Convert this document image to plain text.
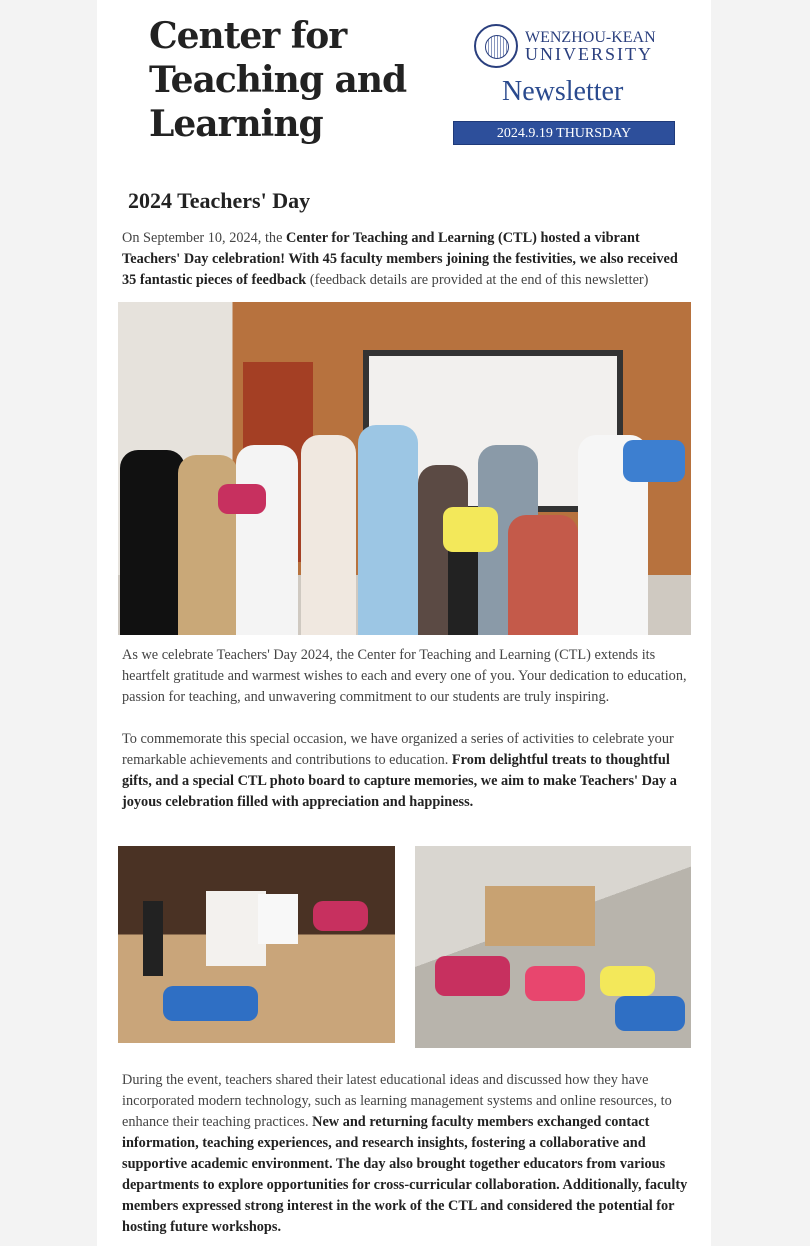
Center for
Teaching and
Learning
WENZHOU-KEAN
UNIVERSITY
Newsletter
2024.9.19 THURSDAY
2024 Teachers' Day

On September 10, 2024, the Center for Teaching and Learning (CTL) hosted a vibrant Teachers' Day celebration! With 45 faculty members joining the festivities, we also received 35 fantastic pieces of feedback (feedback details are provided at the end of this newsletter)

As we celebrate Teachers' Day 2024, the Center for Teaching and Learning (CTL) extends its heartfelt gratitude and warmest wishes to each and every one of you. Your dedication to education, passion for teaching, and unwavering commitment to our students are truly inspiring.

To commemorate this special occasion, we have organized a series of activities to celebrate your remarkable achievements and contributions to education. From delightful treats to thoughtful gifts, and a special CTL photo board to capture memories, we aim to make Teachers' Day a joyous celebration filled with appreciation and happiness.

During the event, teachers shared their latest educational ideas and discussed how they have incorporated modern technology, such as learning management systems and online resources, to enhance their teaching practices. New and returning faculty members exchanged contact information, teaching experiences, and research insights, fostering a collaborative and supportive academic environment. The day also brought together educators from various departments to explore opportunities for cross-curricular collaboration. Additionally, faculty members expressed strong interest in the work of the CTL and considered the potential for hosting future workshops.
